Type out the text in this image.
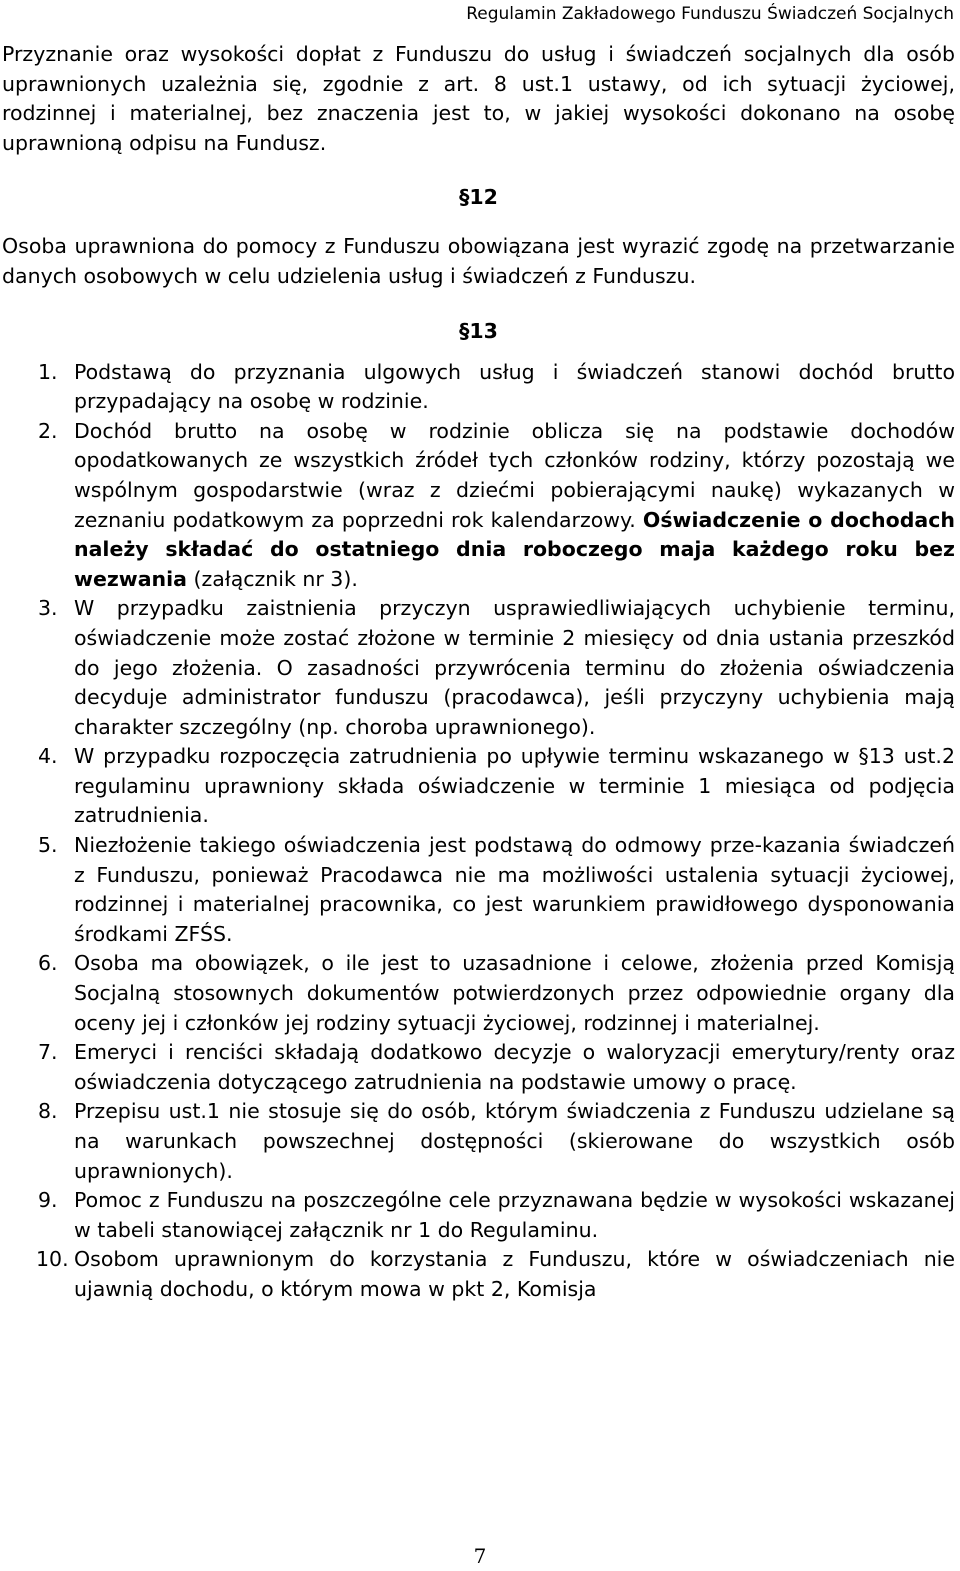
Regulamin Zakładowego Funduszu Świadczeń Socjalnych

Przyznanie oraz wysokości dopłat z Funduszu do usług i świadczeń socjalnych dla osób uprawnionych uzależnia się, zgodnie z art. 8 ust.1 ustawy, od ich sytuacji życiowej, rodzinnej i materialnej, bez znaczenia jest to, w jakiej wysokości dokonano na osobę uprawnioną odpisu na Fundusz.

§12

Osoba uprawniona do pomocy z Funduszu obowiązana jest wyrazić zgodę na przetwarzanie danych osobowych w celu udzielenia usług i świadczeń z Funduszu.

§13
1. Podstawą do przyznania ulgowych usług i świadczeń stanowi dochód brutto przypadający na osobę w rodzinie.
2. Dochód brutto na osobę w rodzinie oblicza się na podstawie dochodów opodatkowanych ze wszystkich źródeł tych członków rodziny, którzy pozostają we wspólnym gospodarstwie (wraz z dziećmi pobierającymi naukę) wykazanych w zeznaniu podatkowym za poprzedni rok kalendarzowy. Oświadczenie o dochodach należy składać do ostatniego dnia roboczego maja każdego roku bez wezwania (załącznik nr 3).
3. W przypadku zaistnienia przyczyn usprawiedliwiających uchybienie terminu, oświadczenie może zostać złożone w terminie 2 miesięcy od dnia ustania przeszkód do jego złożenia. O zasadności przywrócenia terminu do złożenia oświadczenia decyduje administrator funduszu (pracodawca), jeśli przyczyny uchybienia mają charakter szczególny (np. choroba uprawnionego).
4. W przypadku rozpoczęcia zatrudnienia po upływie terminu wskazanego w §13 ust.2 regulaminu uprawniony składa oświadczenie w terminie 1 miesiąca od podjęcia zatrudnienia.
5. Niezłożenie takiego oświadczenia jest podstawą do odmowy prze-kazania świadczeń z Funduszu, ponieważ Pracodawca nie ma możliwości ustalenia sytuacji życiowej, rodzinnej i materialnej pracownika, co jest warunkiem prawidłowego dysponowania środkami ZFŚS.
6. Osoba ma obowiązek, o ile jest to uzasadnione i celowe, złożenia przed Komisją Socjalną stosownych dokumentów potwierdzonych przez odpowiednie organy dla oceny jej i członków jej rodziny sytuacji życiowej, rodzinnej i materialnej.
7. Emeryci i renciści składają dodatkowo decyzje o waloryzacji emerytury/renty oraz oświadczenia dotyczącego zatrudnienia na podstawie umowy o pracę.
8. Przepisu ust.1 nie stosuje się do osób, którym świadczenia z Funduszu udzielane są na warunkach powszechnej dostępności (skierowane do wszystkich osób uprawnionych).
9. Pomoc z Funduszu na poszczególne cele przyznawana będzie w wysokości wskazanej w tabeli stanowiącej załącznik nr 1 do Regulaminu.
10. Osobom uprawnionym do korzystania z Funduszu, które w oświadczeniach nie ujawnią dochodu, o którym mowa w pkt 2, Komisja
7
